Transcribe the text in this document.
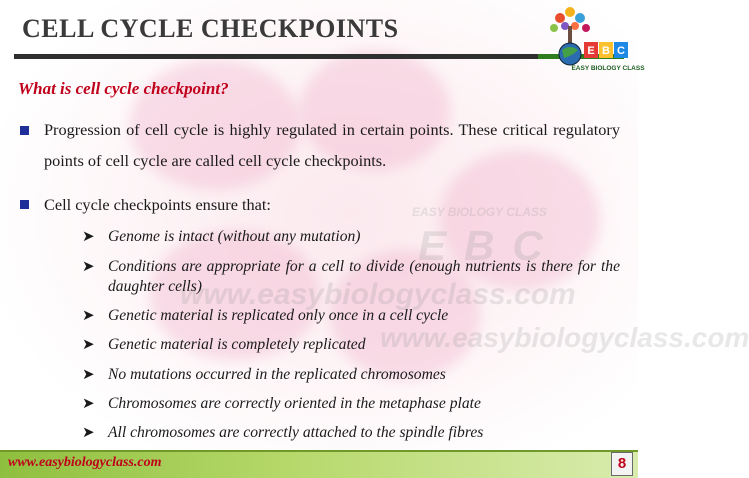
EASY BIOLOGY CLASS
EBC
www.easybiologyclass.com
www.easybiologyclass.com
CELL CYCLE CHECKPOINTS
E B C
EASY BIOLOGY CLASS
What is cell cycle checkpoint?
Progression of cell cycle is highly regulated in certain points. These critical regulatory points of cell cycle are called cell cycle checkpoints.
Cell cycle checkpoints ensure that:
➤ Genome is intact (without any mutation)
➤ Conditions are appropriate for a cell to divide (enough nutrients is there for the daughter cells)
➤ Genetic material is replicated only once in a cell cycle
➤ Genetic material is completely replicated
➤ No mutations occurred in the replicated chromosomes
➤ Chromosomes are correctly oriented in the metaphase plate
➤ All chromosomes are correctly attached to the spindle fibres
www.easybiologyclass.com	8
